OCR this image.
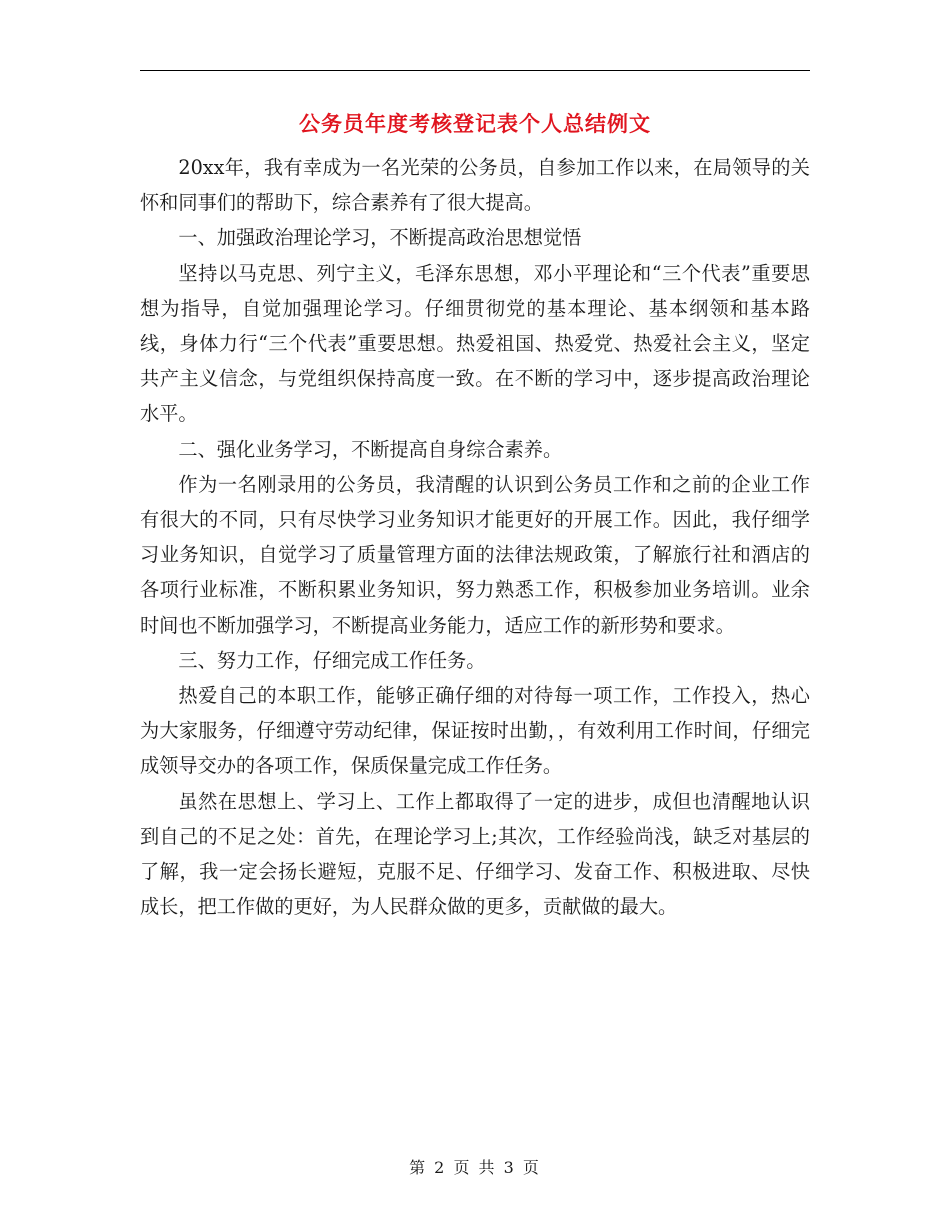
公务员年度考核登记表个人总结例文

20xx年，我有幸成为一名光荣的公务员，自参加工作以来，在局领导的关怀和同事们的帮助下，综合素养有了很大提高。

一、加强政治理论学习，不断提高政治思想觉悟

坚持以马克思、列宁主义，毛泽东思想，邓小平理论和“三个代表”重要思想为指导，自觉加强理论学习。仔细贯彻党的基本理论、基本纲领和基本路线，身体力行“三个代表”重要思想。热爱祖国、热爱党、热爱社会主义，坚定共产主义信念，与党组织保持高度一致。在不断的学习中，逐步提高政治理论水平。

二、强化业务学习，不断提高自身综合素养。

作为一名刚录用的公务员，我清醒的认识到公务员工作和之前的企业工作有很大的不同，只有尽快学习业务知识才能更好的开展工作。因此，我仔细学习业务知识，自觉学习了质量管理方面的法律法规政策，了解旅行社和酒店的各项行业标准，不断积累业务知识，努力熟悉工作，积极参加业务培训。业余时间也不断加强学习，不断提高业务能力，适应工作的新形势和要求。

三、努力工作，仔细完成工作任务。

热爱自己的本职工作，能够正确仔细的对待每一项工作，工作投入，热心为大家服务，仔细遵守劳动纪律，保证按时出勤，，有效利用工作时间，仔细完成领导交办的各项工作，保质保量完成工作任务。

虽然在思想上、学习上、工作上都取得了一定的进步，成但也清醒地认识到自己的不足之处：首先，在理论学习上;其次，工作经验尚浅，缺乏对基层的了解，我一定会扬长避短，克服不足、仔细学习、发奋工作、积极进取、尽快成长，把工作做的更好，为人民群众做的更多，贡献做的最大。

第 2 页 共 3 页
